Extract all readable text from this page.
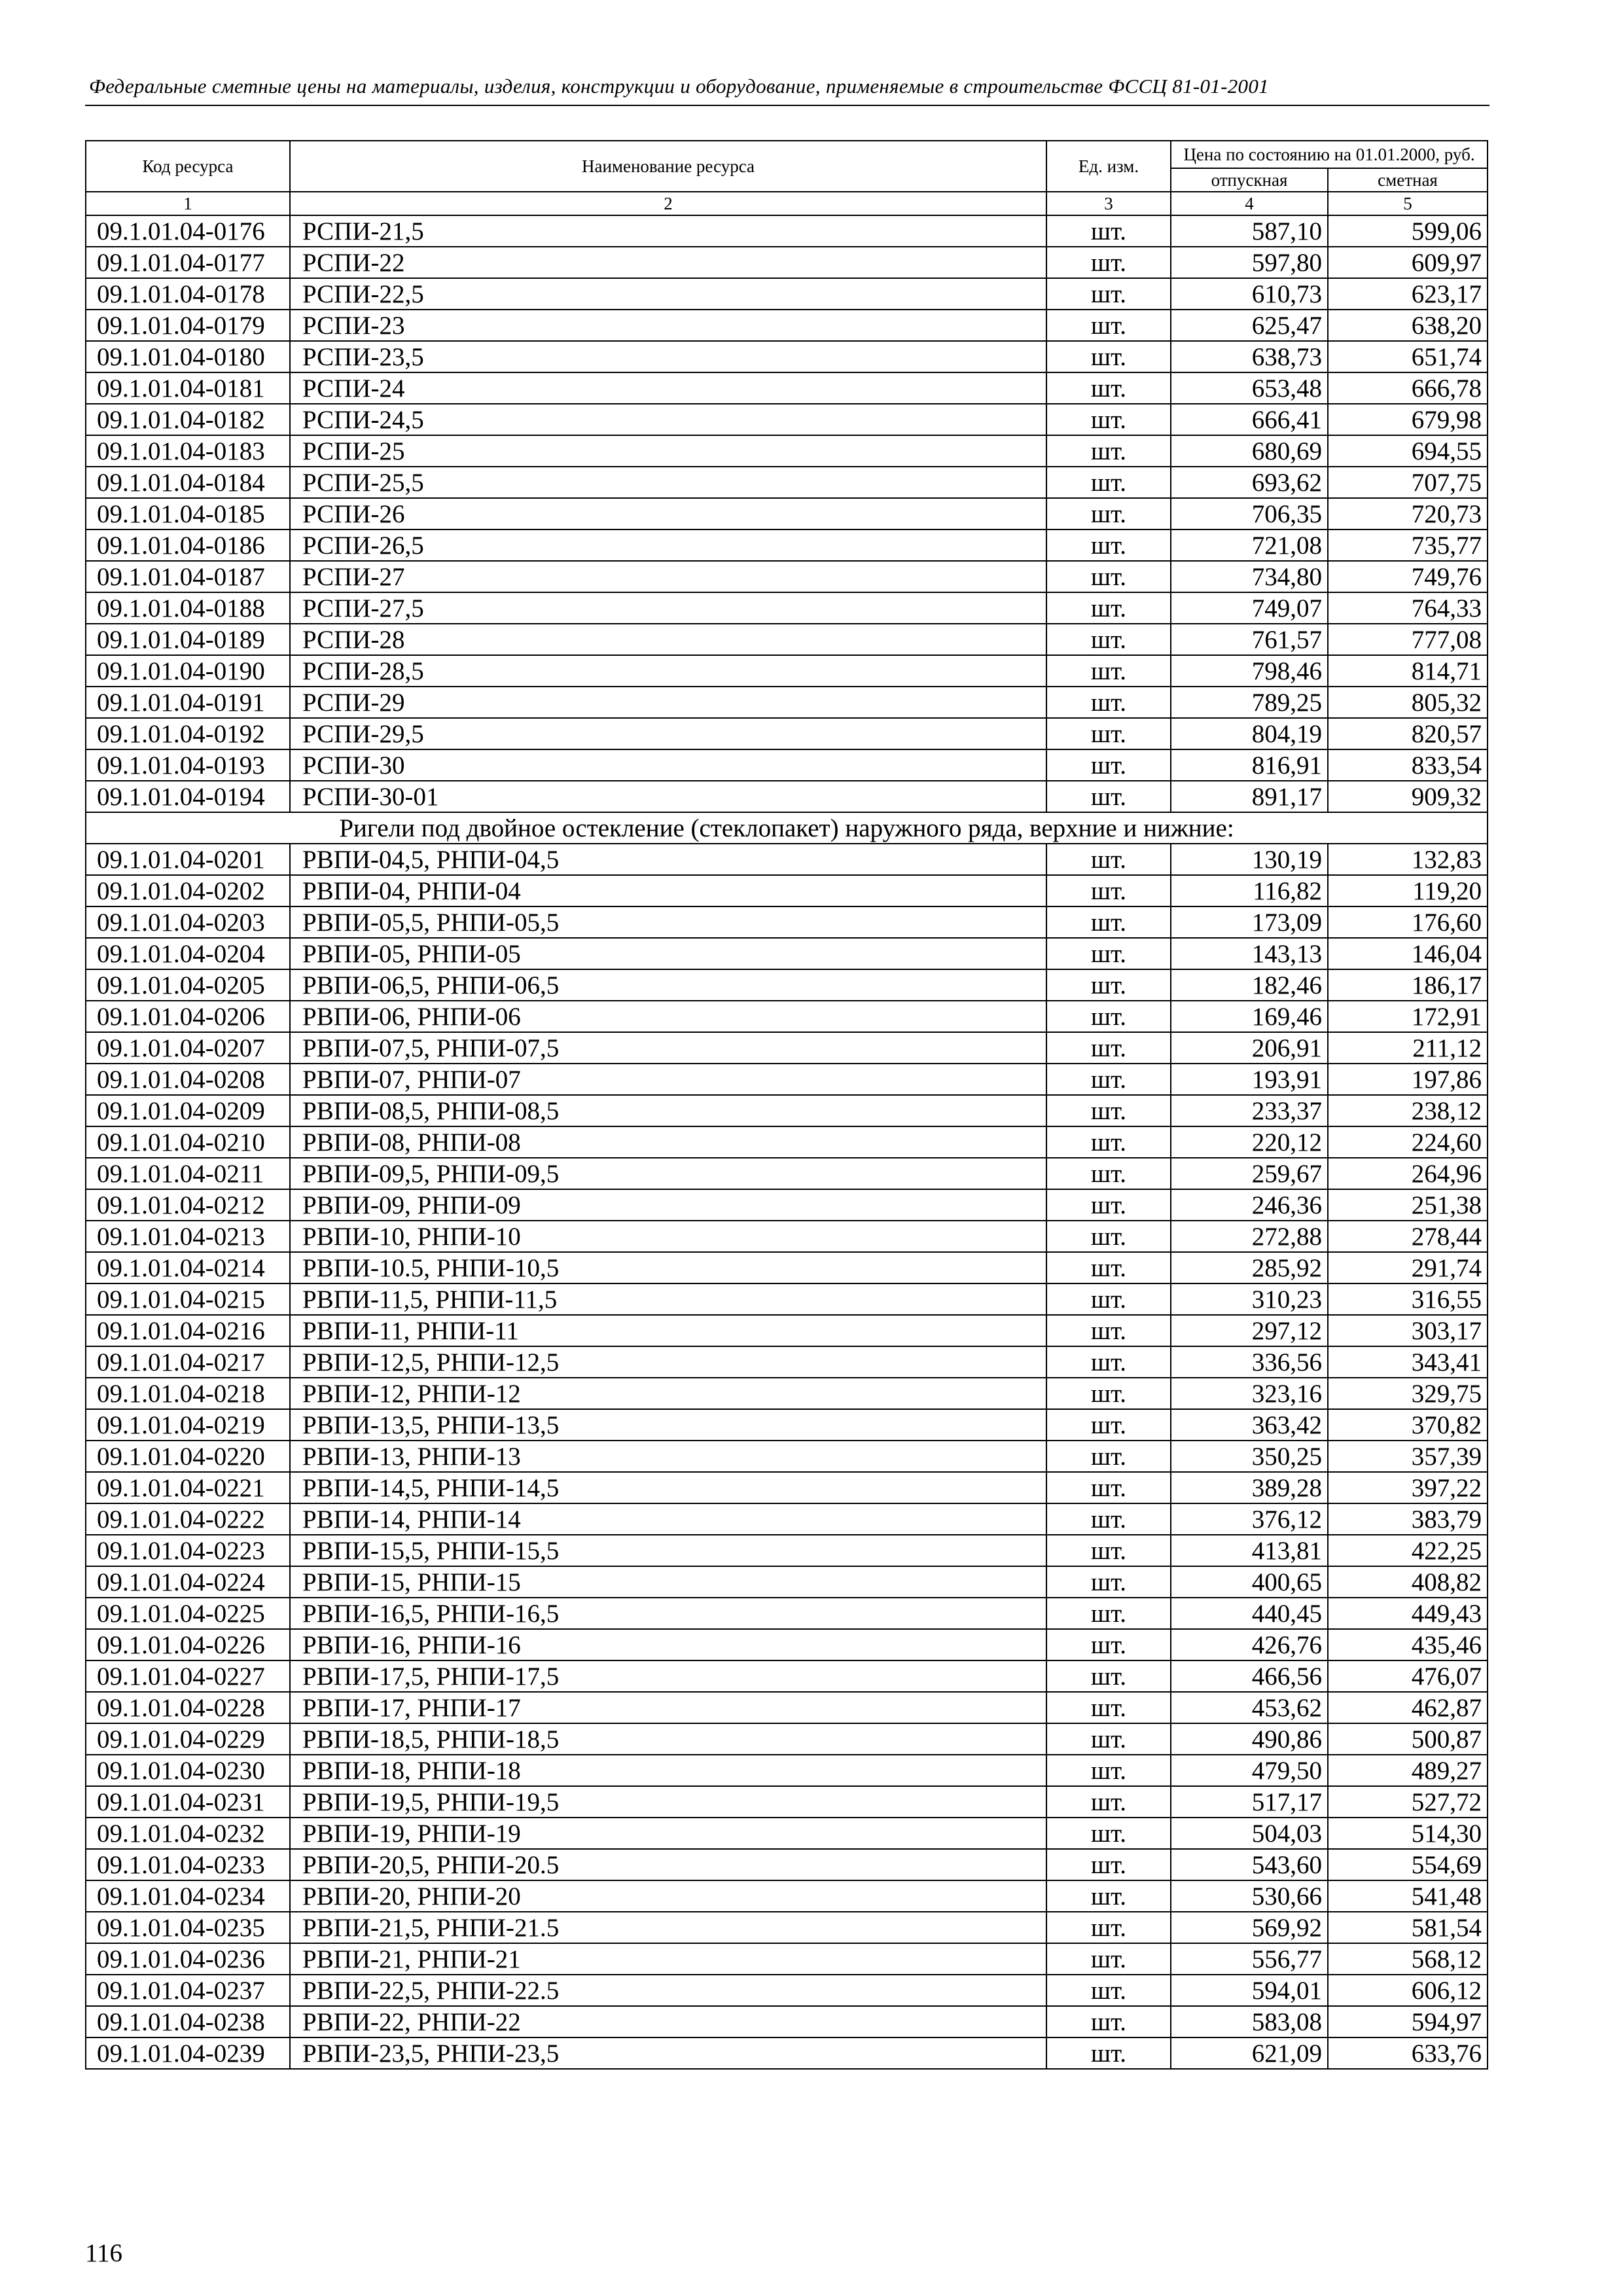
Федеральные сметные цены на материалы, изделия, конструкции и оборудование, применяемые в строительстве ФССЦ 81-01-2001
Код ресурса	Наименование ресурса	Ед. изм.	Цена по состоянию на 01.01.2000, руб.	
			отпускная	сметная
1	2	3	4	5
09.1.01.04-0176	РСПИ-21,5	шт.	587,10	599,06
09.1.01.04-0177	РСПИ-22	шт.	597,80	609,97
09.1.01.04-0178	РСПИ-22,5	шт.	610,73	623,17
09.1.01.04-0179	РСПИ-23	шт.	625,47	638,20
09.1.01.04-0180	РСПИ-23,5	шт.	638,73	651,74
09.1.01.04-0181	РСПИ-24	шт.	653,48	666,78
09.1.01.04-0182	РСПИ-24,5	шт.	666,41	679,98
09.1.01.04-0183	РСПИ-25	шт.	680,69	694,55
09.1.01.04-0184	РСПИ-25,5	шт.	693,62	707,75
09.1.01.04-0185	РСПИ-26	шт.	706,35	720,73
09.1.01.04-0186	РСПИ-26,5	шт.	721,08	735,77
09.1.01.04-0187	РСПИ-27	шт.	734,80	749,76
09.1.01.04-0188	РСПИ-27,5	шт.	749,07	764,33
09.1.01.04-0189	РСПИ-28	шт.	761,57	777,08
09.1.01.04-0190	РСПИ-28,5	шт.	798,46	814,71
09.1.01.04-0191	РСПИ-29	шт.	789,25	805,32
09.1.01.04-0192	РСПИ-29,5	шт.	804,19	820,57
09.1.01.04-0193	РСПИ-30	шт.	816,91	833,54
09.1.01.04-0194	РСПИ-30-01	шт.	891,17	909,32
Ригели под двойное остекление (стеклопакет) наружного ряда, верхние и нижние:				
09.1.01.04-0201	РВПИ-04,5, РНПИ-04,5	шт.	130,19	132,83
09.1.01.04-0202	РВПИ-04, РНПИ-04	шт.	116,82	119,20
09.1.01.04-0203	РВПИ-05,5, РНПИ-05,5	шт.	173,09	176,60
09.1.01.04-0204	РВПИ-05, РНПИ-05	шт.	143,13	146,04
09.1.01.04-0205	РВПИ-06,5, РНПИ-06,5	шт.	182,46	186,17
09.1.01.04-0206	РВПИ-06, РНПИ-06	шт.	169,46	172,91
09.1.01.04-0207	РВПИ-07,5, РНПИ-07,5	шт.	206,91	211,12
09.1.01.04-0208	РВПИ-07, РНПИ-07	шт.	193,91	197,86
09.1.01.04-0209	РВПИ-08,5, РНПИ-08,5	шт.	233,37	238,12
09.1.01.04-0210	РВПИ-08, РНПИ-08	шт.	220,12	224,60
09.1.01.04-0211	РВПИ-09,5, РНПИ-09,5	шт.	259,67	264,96
09.1.01.04-0212	РВПИ-09, РНПИ-09	шт.	246,36	251,38
09.1.01.04-0213	РВПИ-10, РНПИ-10	шт.	272,88	278,44
09.1.01.04-0214	РВПИ-10.5, РНПИ-10,5	шт.	285,92	291,74
09.1.01.04-0215	РВПИ-11,5, РНПИ-11,5	шт.	310,23	316,55
09.1.01.04-0216	РВПИ-11, РНПИ-11	шт.	297,12	303,17
09.1.01.04-0217	РВПИ-12,5, РНПИ-12,5	шт.	336,56	343,41
09.1.01.04-0218	РВПИ-12, РНПИ-12	шт.	323,16	329,75
09.1.01.04-0219	РВПИ-13,5, РНПИ-13,5	шт.	363,42	370,82
09.1.01.04-0220	РВПИ-13, РНПИ-13	шт.	350,25	357,39
09.1.01.04-0221	РВПИ-14,5, РНПИ-14,5	шт.	389,28	397,22
09.1.01.04-0222	РВПИ-14, РНПИ-14	шт.	376,12	383,79
09.1.01.04-0223	РВПИ-15,5, РНПИ-15,5	шт.	413,81	422,25
09.1.01.04-0224	РВПИ-15, РНПИ-15	шт.	400,65	408,82
09.1.01.04-0225	РВПИ-16,5, РНПИ-16,5	шт.	440,45	449,43
09.1.01.04-0226	РВПИ-16, РНПИ-16	шт.	426,76	435,46
09.1.01.04-0227	РВПИ-17,5, РНПИ-17,5	шт.	466,56	476,07
09.1.01.04-0228	РВПИ-17, РНПИ-17	шт.	453,62	462,87
09.1.01.04-0229	РВПИ-18,5, РНПИ-18,5	шт.	490,86	500,87
09.1.01.04-0230	РВПИ-18, РНПИ-18	шт.	479,50	489,27
09.1.01.04-0231	РВПИ-19,5, РНПИ-19,5	шт.	517,17	527,72
09.1.01.04-0232	РВПИ-19, РНПИ-19	шт.	504,03	514,30
09.1.01.04-0233	РВПИ-20,5, РНПИ-20.5	шт.	543,60	554,69
09.1.01.04-0234	РВПИ-20, РНПИ-20	шт.	530,66	541,48
09.1.01.04-0235	РВПИ-21,5, РНПИ-21.5	шт.	569,92	581,54
09.1.01.04-0236	РВПИ-21, РНПИ-21	шт.	556,77	568,12
09.1.01.04-0237	РВПИ-22,5, РНПИ-22.5	шт.	594,01	606,12
09.1.01.04-0238	РВПИ-22, РНПИ-22	шт.	583,08	594,97
09.1.01.04-0239	РВПИ-23,5, РНПИ-23,5	шт.	621,09	633,76
116
